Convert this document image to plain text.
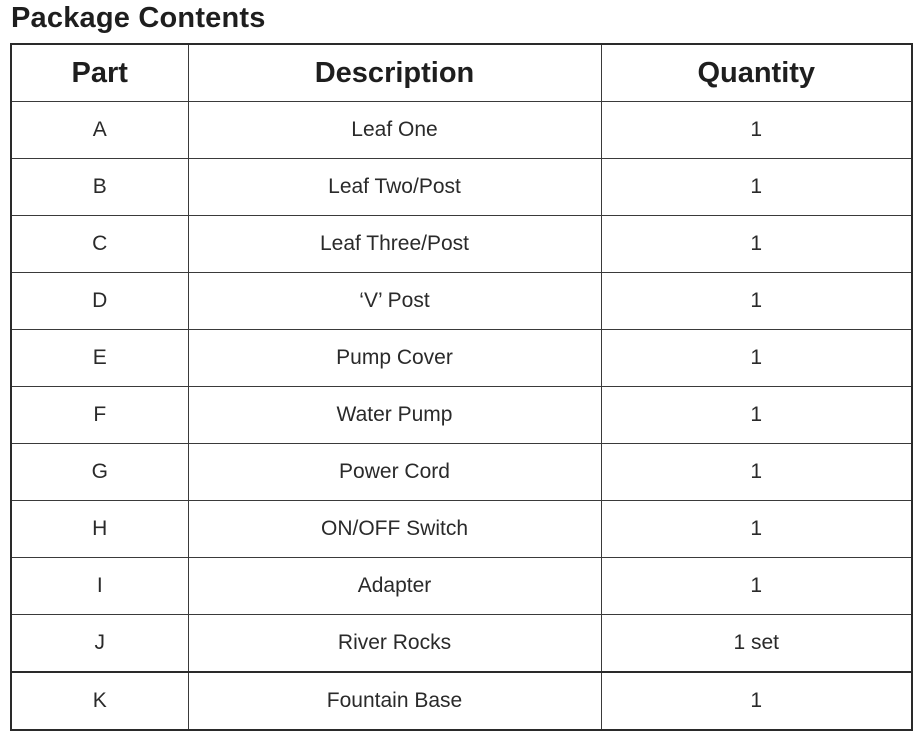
Package Contents
Part	Description	Quantity
A	Leaf One	1
B	Leaf Two/Post	1
C	Leaf Three/Post	1
D	‘V’ Post	1
E	Pump Cover	1
F	Water Pump	1
G	Power Cord	1
H	ON/OFF Switch	1
I	Adapter	1
J	River Rocks	1 set
K	Fountain Base	1
